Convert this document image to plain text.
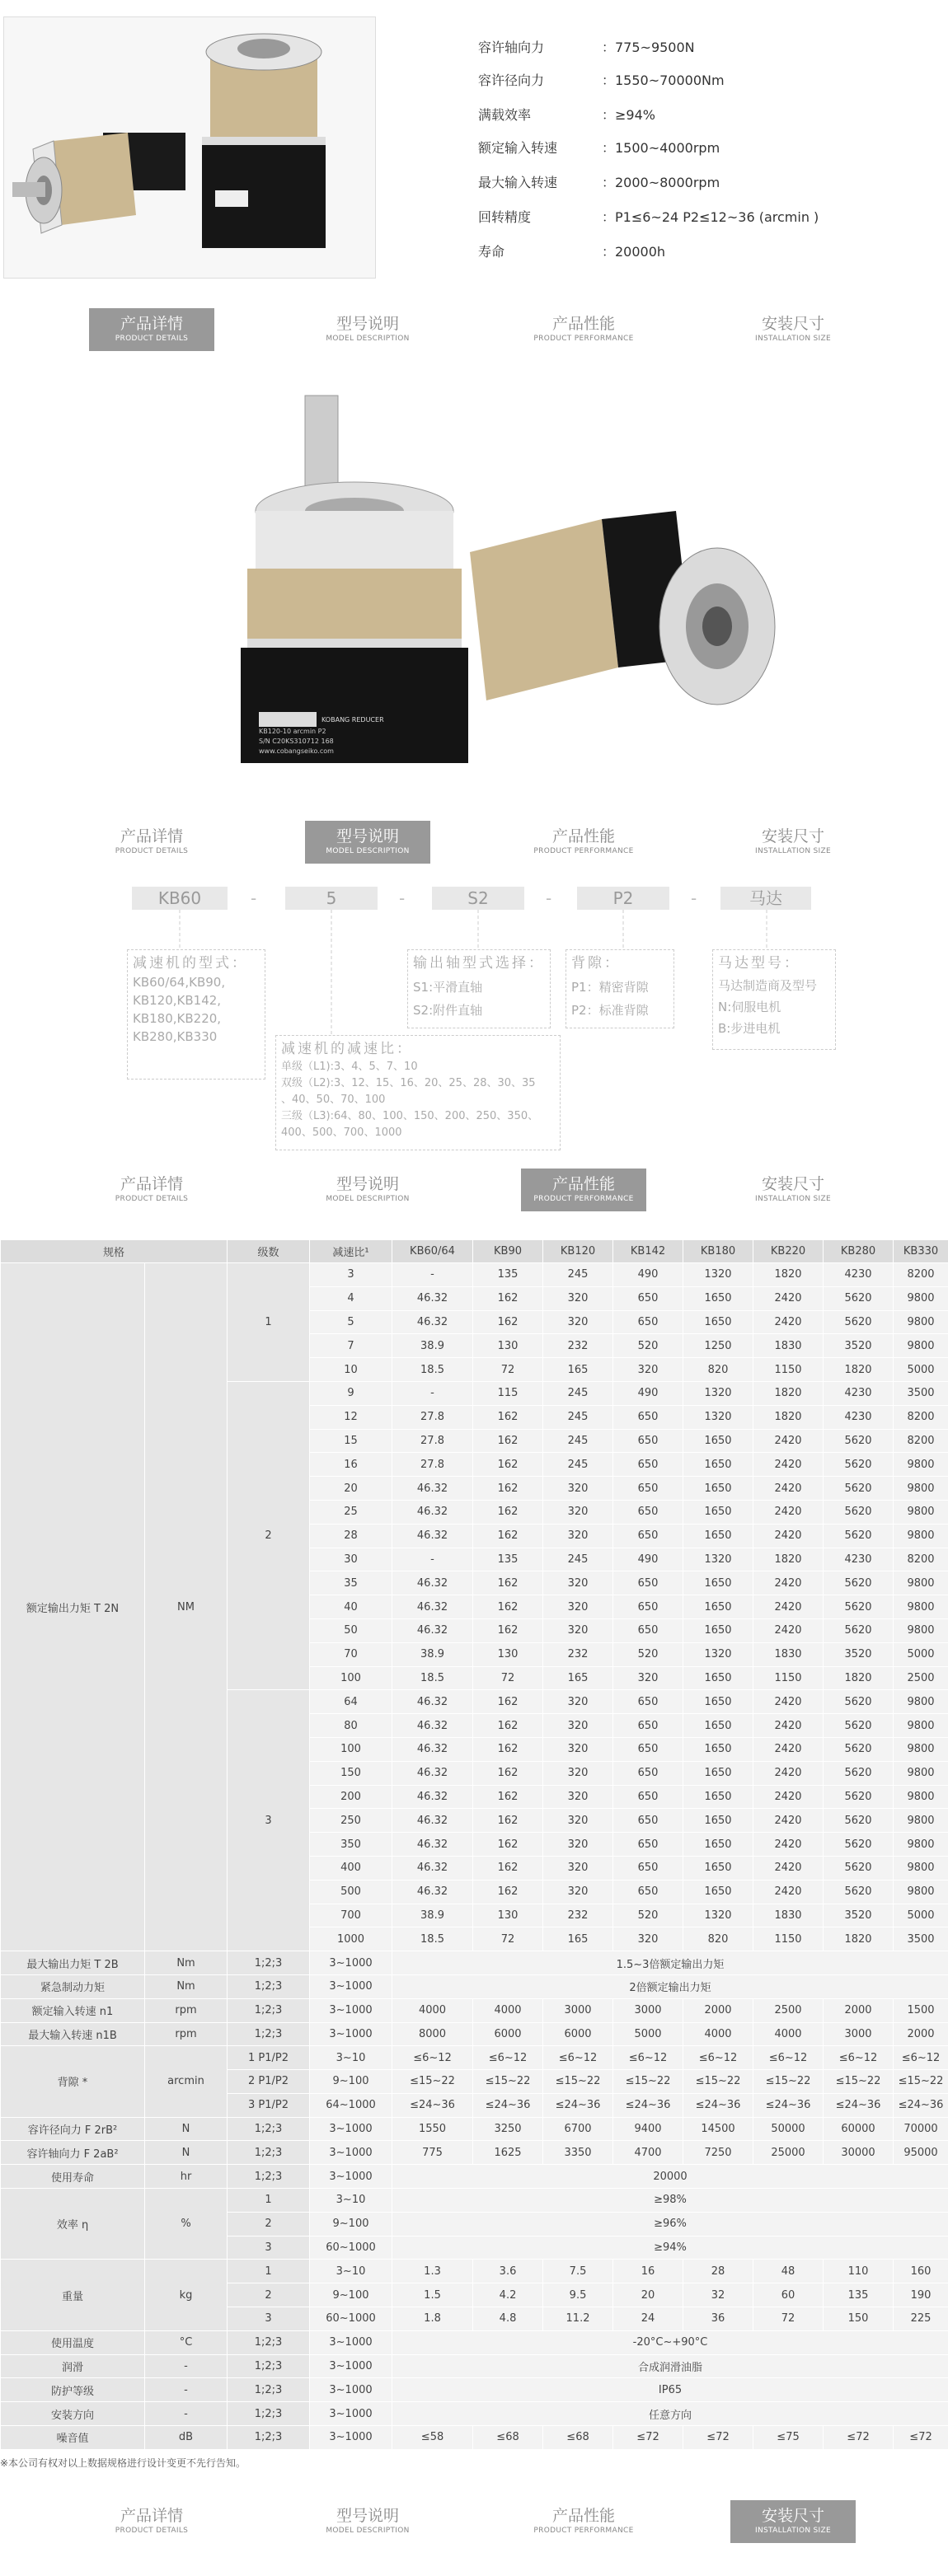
容许轴向力	：775~9500N
容许径向力	：1550~70000Nm
满载效率	：≥94%
额定输入转速	：1500~4000rpm
最大输入转速	：2000~8000rpm
回转精度	：P1≤6~24 P2≤12~36 (arcmin )
寿命	：20000h
产品详情
PRODUCT DETAILS
型号说明
MODEL DESCRIPTION
产品性能
PRODUCT PERFORMANCE
安装尺寸
INSTALLATION SIZE
KOBANG REDUCER
KB120-10 arcmin P2
S/N C20KS310712 168
www.cobangseiko.com
产品详情
PRODUCT DETAILS
型号说明
MODEL DESCRIPTION
产品性能
PRODUCT PERFORMANCE
安装尺寸
INSTALLATION SIZE
KB60	-	5	-	S2	-	P2	-	马达
减速机的型式：
KB60/64,KB90,
KB120,KB142,
KB180,KB220,
KB280,KB330
减速机的减速比：
单级（L1):3、4、5、7、10
双级（L2):3、12、15、16、20、25、28、30、35
、40、50、70、100
三级（L3):64、80、100、150、200、250、350、
400、500、700、1000
输出轴型式选择：
S1:平滑直轴
S2:附件直轴
背隙：
P1：精密背隙
P2：标准背隙
马达型号：
马达制造商及型号
N:伺服电机
B:步进电机
产品详情
PRODUCT DETAILS
型号说明
MODEL DESCRIPTION
产品性能
PRODUCT PERFORMANCE
安装尺寸
INSTALLATION SIZE
规格		级数	减速比¹	KB60/64	KB90	KB120	KB142	KB180	KB220	KB280	KB330
额定输出力矩 T 2N	NM	1	3	-	135	245	490	1320	1820	4230	8200
			4	46.32	162	320	650	1650	2420	5620	9800
			5	46.32	162	320	650	1650	2420	5620	9800
			7	38.9	130	232	520	1250	1830	3520	9800
			10	18.5	72	165	320	820	1150	1820	5000
		2	9	-	115	245	490	1320	1820	4230	3500
			12	27.8	162	245	650	1320	1820	4230	8200
			15	27.8	162	245	650	1650	2420	5620	8200
			16	27.8	162	245	650	1650	2420	5620	9800
			20	46.32	162	320	650	1650	2420	5620	9800
			25	46.32	162	320	650	1650	2420	5620	9800
			28	46.32	162	320	650	1650	2420	5620	9800
			30	-	135	245	490	1320	1820	4230	8200
			35	46.32	162	320	650	1650	2420	5620	9800
			40	46.32	162	320	650	1650	2420	5620	9800
			50	46.32	162	320	650	1650	2420	5620	9800
			70	38.9	130	232	520	1320	1830	3520	5000
			100	18.5	72	165	320	1650	1150	1820	2500
		3	64	46.32	162	320	650	1650	2420	5620	9800
			80	46.32	162	320	650	1650	2420	5620	9800
			100	46.32	162	320	650	1650	2420	5620	9800
			150	46.32	162	320	650	1650	2420	5620	9800
			200	46.32	162	320	650	1650	2420	5620	9800
			250	46.32	162	320	650	1650	2420	5620	9800
			350	46.32	162	320	650	1650	2420	5620	9800
			400	46.32	162	320	650	1650	2420	5620	9800
			500	46.32	162	320	650	1650	2420	5620	9800
			700	38.9	130	232	520	1320	1830	3520	5000
			1000	18.5	72	165	320	820	1150	1820	3500
最大输出力矩 T 2B	Nm	1;2;3	3~1000	1.5~3倍额定输出力矩							
紧急制动力矩	Nm	1;2;3	3~1000	2倍额定输出力矩							
额定输入转速 n1	rpm	1;2;3	3~1000	4000	4000	3000	3000	2000	2500	2000	1500
最大输入转速 n1B	rpm	1;2;3	3~1000	8000	6000	6000	5000	4000	4000	3000	2000
背隙 *	arcmin	1 P1/P2	3~10	≤6~12	≤6~12	≤6~12	≤6~12	≤6~12	≤6~12	≤6~12	≤6~12
		2 P1/P2	9~100	≤15~22	≤15~22	≤15~22	≤15~22	≤15~22	≤15~22	≤15~22	≤15~22
		3 P1/P2	64~1000	≤24~36	≤24~36	≤24~36	≤24~36	≤24~36	≤24~36	≤24~36	≤24~36
容许径向力 F 2rB²	N	1;2;3	3~1000	1550	3250	6700	9400	14500	50000	60000	70000
容许轴向力 F 2aB²	N	1;2;3	3~1000	775	1625	3350	4700	7250	25000	30000	95000
使用寿命	hr	1;2;3	3~1000	20000							
效率 η	%	1	3~10	≥98%							
		2	9~100	≥96%							
		3	60~1000	≥94%							
重量	kg	1	3~10	1.3	3.6	7.5	16	28	48	110	160
		2	9~100	1.5	4.2	9.5	20	32	60	135	190
		3	60~1000	1.8	4.8	11.2	24	36	72	150	225
使用温度	°C	1;2;3	3~1000	-20°C~+90°C							
润滑	-	1;2;3	3~1000	合成润滑油脂							
防护等级	-	1;2;3	3~1000	IP65							
安装方向	-	1;2;3	3~1000	任意方向							
噪音值	dB	1;2;3	3~1000	≤58	≤68	≤68	≤72	≤72	≤75	≤72	≤72
※本公司有权对以上数据规格进行设计变更不先行告知。
产品详情
PRODUCT DETAILS
型号说明
MODEL DESCRIPTION
产品性能
PRODUCT PERFORMANCE
安装尺寸
INSTALLATION SIZE
